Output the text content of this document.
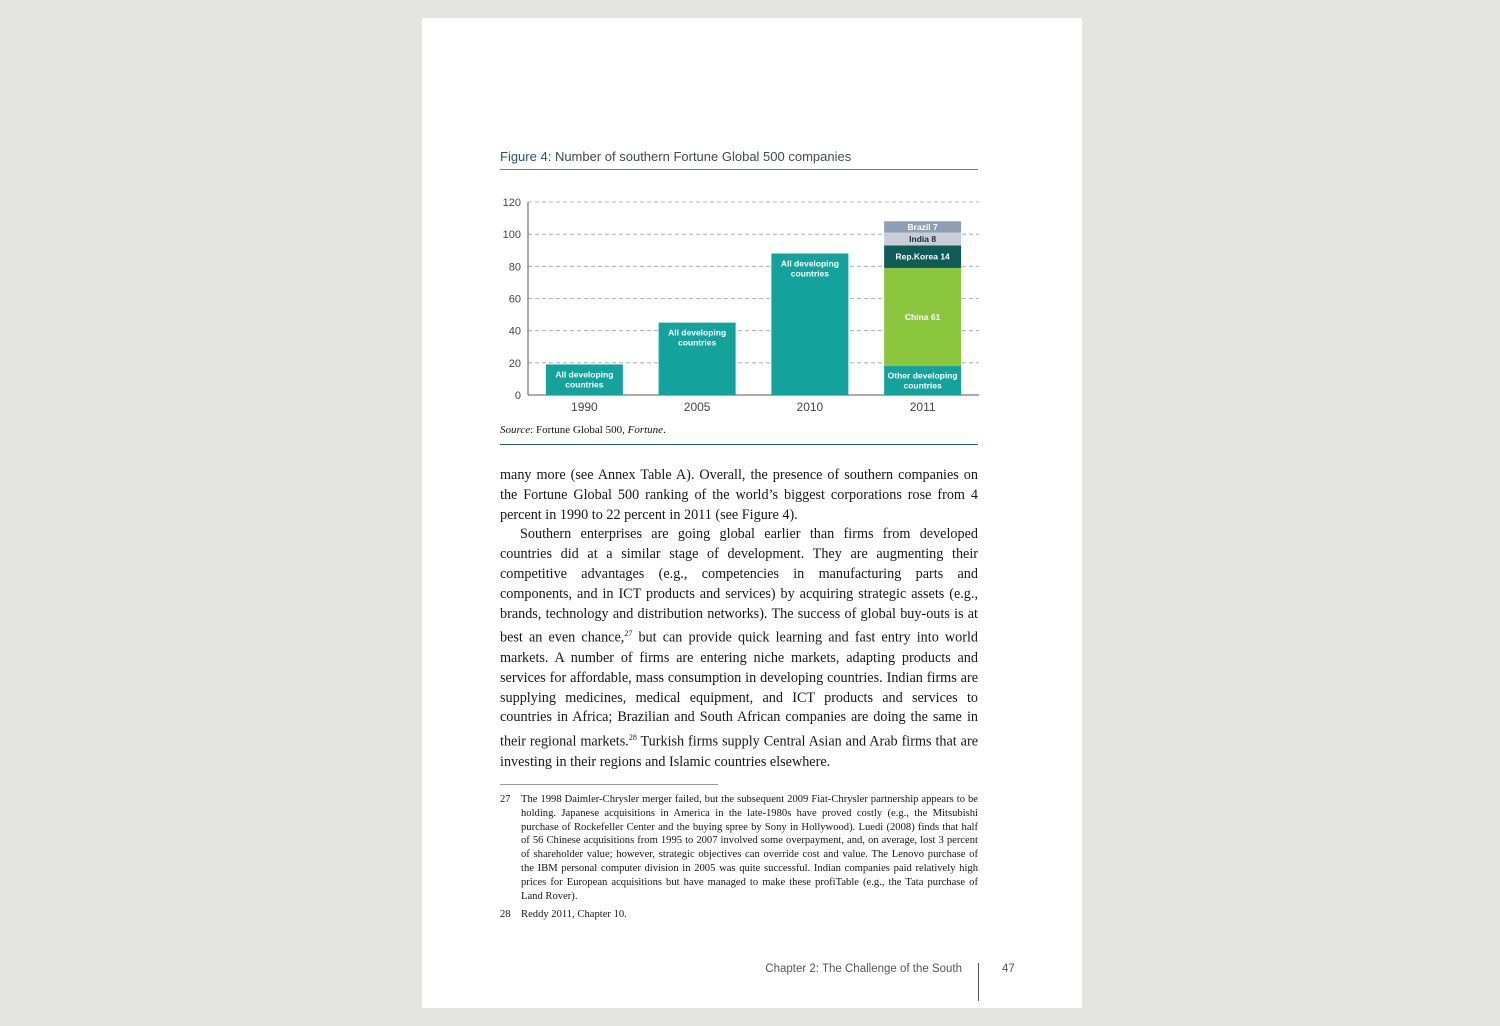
Figure 4: Number of southern Fortune Global 500 companies
0
20
40
60
80
100
120
1990
All developing
countries
2005
All developing
countries
2010
All developing
countries
2011
Other developing
countries
China 61
Rep.Korea 14
India 8
Brazil 7
Source: Fortune Global 500, Fortune.

many more (see Annex Table A). Overall, the presence of southern companies on the Fortune Global 500 ranking of the world’s biggest corporations rose from 4 percent in 1990 to 22 percent in 2011 (see Figure 4).

Southern enterprises are going global earlier than firms from developed countries did at a similar stage of development. They are augmenting their competitive advantages (e.g., competencies in manufacturing parts and components, and in ICT products and services) by acquiring strategic assets (e.g., brands, technology and distribution networks). The success of global buy-outs is at best an even chance,$^{27}$ but can provide quick learning and fast entry into world markets. A number of firms are entering niche markets, adapting products and services for affordable, mass consumption in developing countries. Indian firms are supplying medicines, medical equipment, and ICT products and services to countries in Africa; Brazilian and South African companies are doing the same in their regional markets.$^{28}$ Turkish firms supply Central Asian and Arab firms that are investing in their regions and Islamic countries elsewhere.

27 The 1998 Daimler-Chrysler merger failed, but the subsequent 2009 Fiat-Chrysler partnership appears to be holding. Japanese acquisitions in America in the late-1980s have proved costly (e.g., the Mitsubishi purchase of Rockefeller Center and the buying spree by Sony in Hollywood). Luedi (2008) finds that half of 56 Chinese acquisitions from 1995 to 2007 involved some overpayment, and, on average, lost 3 percent of shareholder value; however, strategic objectives can override cost and value. The Lenovo purchase of the IBM personal computer division in 2005 was quite successful. Indian companies paid relatively high prices for European acquisitions but have managed to make these profiTable (e.g., the Tata purchase of Land Rover).
28 Reddy 2011, Chapter 10.
Chapter 2: The Challenge of the South	47
